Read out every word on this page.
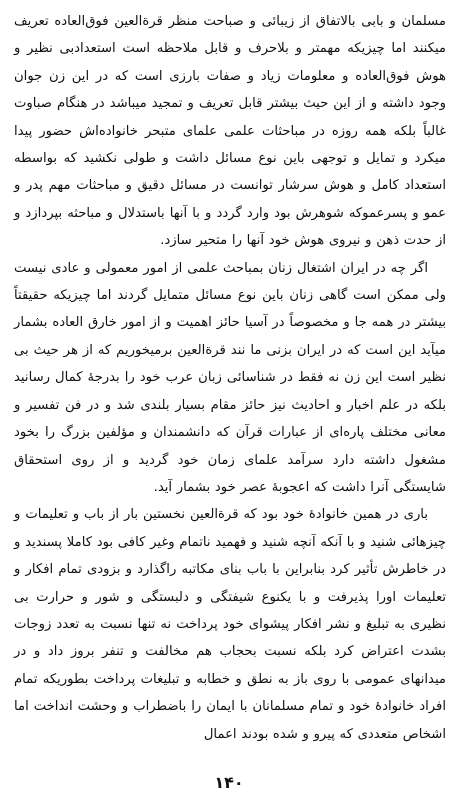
مسلمان و بابی بالاتفاق از زیبائی و صباحت منظر قرة‌العین فوق‌العاده تعریف میکنند اما چیزیکه مهمتر و بلاحرف و قابل ملاحظه است استعدادبی نظیر و هوش فوق‌العاده و معلومات زیاد و صفات بارزی است که در این زن جوان وجود داشته و از این حیث بیشتر قابل تعریف و تمجید میباشد در هنگام صباوت غالباً بلکه همه روزه در مباحثات علمی علمای متبحر خانواده‌اش حضور پیدا میکرد و تمایل و توجهی باین نوع مسائل داشت و طولی نکشید که بواسطه استعداد کامل و هوش سرشار توانست در مسائل دقیق و مباحثات مهم پدر و عمو و پسرعموکه شوهرش بود وارد گردد و با آنها باستدلال و مباحثه بپردازد و از حدت ذهن و نیروی هوش خود آنها را متحیر سازد.

اگر چه در ایران اشتغال زنان بمباحث علمی از امور معمولی و عادی نیست ولی ممکن است گاهی زنان باین نوع مسائل متمایل گردند اما چیزیکه حقیقتاً بیشتر در همه جا و مخصوصاً در آسیا حائز اهمیت و از امور خارق العاده بشمار میآید این است که در ایران بزنی ما نند قرة‌العین برمیخوریم که از هر حیث بی نظیر است این زن نه فقط در شناسائی زبان عرب خود را بدرجهٔ کمال رسانید بلکه در علم اخبار و احادیث نیز حائز مقام بسیار بلندی شد و در فن تفسیر و معانی مختلف پاره‌ای از عبارات قرآن که دانشمندان و مؤلفین بزرگ را بخود مشغول داشته دارد سرآمد علمای زمان خود گردید و از روی استحقاق شایستگی آنرا داشت که اعجوبهٔ عصر خود بشمار آید.

باری در همین خانوادهٔ خود بود که قرة‌العین نخستین بار از باب و تعلیمات و چیزهائی شنید و با آنکه آنچه شنید و فهمید ناتمام وغیر کافی بود کاملا پسندید و در خاطرش تأثیر کرد بنابراین با باب بنای مکاتبه راگذارد و بزودی تمام افکار و تعلیمات اورا پذیرفت و با یکنوع شیفتگی و دلبستگی و شور و حرارت بی نظیری به تبلیغ و نشر افکار پیشوای خود پرداخت نه تنها نسبت به تعدد زوجات بشدت اعتراض کرد بلکه نسبت بحجاب هم مخالفت و تنفر بروز داد و در میدانهای عمومی با روی باز به نطق و خطابه و تبلیغات پرداخت بطوریکه تمام افراد خانوادهٔ خود و تمام مسلمانان با ایمان را باضطراب و وحشت انداخت اما اشخاص متعددی که پیرو و شده بودند اعمال

۱۴۰
